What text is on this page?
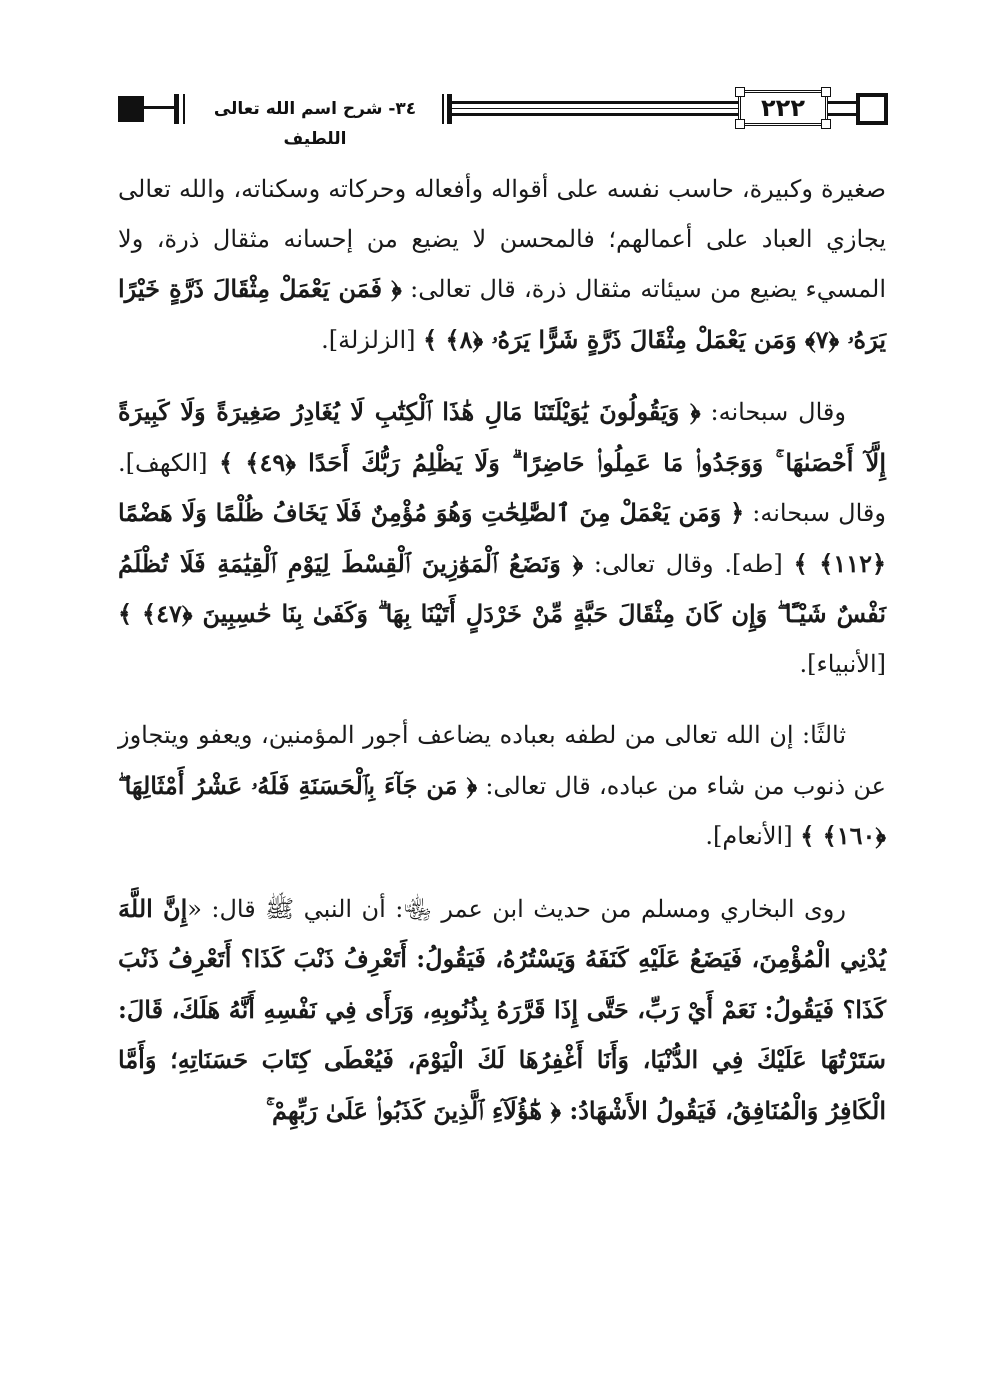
٣٤- شرح اسم الله تعالى اللطيف
٢٢٢

صغيرة وكبيرة، حاسب نفسه على أقواله وأفعاله وحركاته وسكناته، والله تعالى يجازي العباد على أعمالهم؛ فالمحسن لا يضيع من إحسانه مثقال ذرة، ولا المسيء يضيع من سيئاته مثقال ذرة، قال تعالى: ﴿ فَمَن يَعْمَلْ مِثْقَالَ ذَرَّةٍ خَيْرًا يَرَهُۥ ﴿٧﴾ وَمَن يَعْمَلْ مِثْقَالَ ذَرَّةٍ شَرًّا يَرَهُۥ ﴿٨﴾ ﴾ [الزلزلة].

وقال سبحانه: ﴿ وَيَقُولُونَ يَٰوَيْلَتَنَا مَالِ هَٰذَا ٱلْكِتَٰبِ لَا يُغَادِرُ صَغِيرَةً وَلَا كَبِيرَةً إِلَّآ أَحْصَىٰهَا ۚ وَوَجَدُوا۟ مَا عَمِلُوا۟ حَاضِرًا ۗ وَلَا يَظْلِمُ رَبُّكَ أَحَدًا ﴿٤٩﴾ ﴾ [الكهف]. وقال سبحانه: ﴿ وَمَن يَعْمَلْ مِنَ ٱلصَّٰلِحَٰتِ وَهُوَ مُؤْمِنٌ فَلَا يَخَافُ ظُلْمًا وَلَا هَضْمًا ﴿١١٢﴾ ﴾ [طه]. وقال تعالى: ﴿ وَنَضَعُ ٱلْمَوَٰزِينَ ٱلْقِسْطَ لِيَوْمِ ٱلْقِيَٰمَةِ فَلَا تُظْلَمُ نَفْسٌ شَيْـًٔا ۖ وَإِن كَانَ مِثْقَالَ حَبَّةٍ مِّنْ خَرْدَلٍ أَتَيْنَا بِهَا ۗ وَكَفَىٰ بِنَا حَٰسِبِينَ ﴿٤٧﴾ ﴾ [الأنبياء].

ثالثًا: إن الله تعالى من لطفه بعباده يضاعف أجور المؤمنين، ويعفو ويتجاوز عن ذنوب من شاء من عباده، قال تعالى: ﴿ مَن جَآءَ بِٱلْحَسَنَةِ فَلَهُۥ عَشْرُ أَمْثَالِهَا ۖ ﴿١٦٠﴾ ﴾ [الأنعام].

روى البخاري ومسلم من حديث ابن عمر ﵄: أن النبي ﷺ قال: «إِنَّ اللَّهَ يُدْنِي الْمُؤْمِنَ، فَيَضَعُ عَلَيْهِ كَنَفَهُ وَيَسْتُرُهُ، فَيَقُولُ: أَتَعْرِفُ ذَنْبَ كَذَا؟ أَتَعْرِفُ ذَنْبَ كَذَا؟ فَيَقُولُ: نَعَمْ أَيْ رَبِّ، حَتَّى إِذَا قَرَّرَهُ بِذُنُوبِهِ، وَرَأَى فِي نَفْسِهِ أَنَّهُ هَلَكَ، قَالَ: سَتَرْتُهَا عَلَيْكَ فِي الدُّنْيَا، وَأَنَا أَغْفِرُهَا لَكَ الْيَوْمَ، فَيُعْطَى كِتَابَ حَسَنَاتِهِ؛ وَأَمَّا الْكَافِرُ وَالْمُنَافِقُ، فَيَقُولُ الأَشْهَادُ: ﴿ هَٰٓؤُلَآءِ ٱلَّذِينَ كَذَبُوا۟ عَلَىٰ رَبِّهِمْ ۚ
